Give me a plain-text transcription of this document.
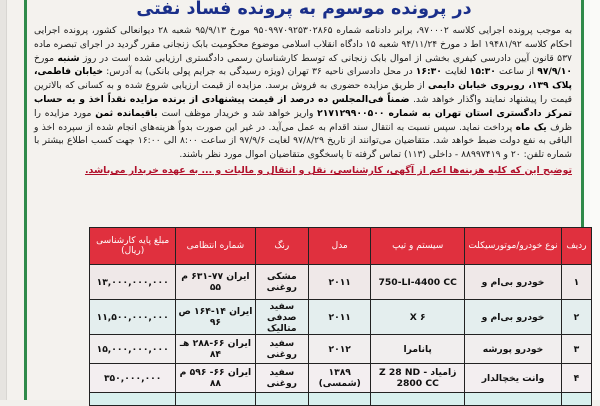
در پرونده موسوم به پرونده فساد نفتی
به موجب پرونده اجرایی کلاسه ۹۷۰۰۰۲، برابر دادنامه شماره ۹۵۰۹۹۷۰۹۲۵۳۰۲۸۶۵ مورخ ۹۵/۹/۱۳ شعبه ۲۸ دیوانعالی کشور، پرونده اجرایی احکام کلاسه ۱۹۴۸۱/۹۲ اط د مورخ ۹۴/۱۱/۲۴ شعبه ۱۵ دادگاه انقلاب اسلامی موضوع محکومیت بابک زنجانی مقرر گردید در اجرای تبصره ماده ۵۳۷ قانون آیین دادرسی کیفری بخشی از اموال بابک زنجانی که توسط کارشناسان رسمی دادگستری ارزیابی شده است در روز شنبه مورخ ۹۷/۹/۱۰ از ساعت ۱۵:۳۰ لغایت ۱۶:۳۰ در محل دادسرای ناحیه ۳۶ تهران (ویژه رسیدگی به جرایم پولی بانکی) به آدرس: خیابان فاطمی، پلاک ۱۳۹، روبروی خیابان دایمی از طریق مزایده حضوری به فروش برسد. مزایده از قیمت ارزیابی شروع شده و به کسانی که بالاترین قیمت را پیشنهاد نمایند واگذار خواهد شد. ضمناً فی‌المجلس ده درصد از قیمت پیشنهادی از برنده مزایده نقداً اخذ و به حساب تمرکز دادگستری استان تهران به شماره ۲۱۷۱۲۹۹۰۰۵۰۰ واریز خواهد شد و خریدار موظف است باقیمانده ثمن مورد مزایده را ظرف یک ماه پرداخت نماید. سپس نسبت به انتقال سند اقدام به عمل می‌آید. در غیر این صورت بدواً هزینه‌های انجام شده از سپرده اخذ و الباقی به نفع دولت ضبط خواهد شد. متقاضیان می‌توانند از تاریخ ۹۷/۸/۲۹ لغایت ۹۷/۹/۶ از ساعت ۸:۰۰ الی ۱۶:۰۰ جهت کسب اطلاع بیشتر با شماره تلفن: ۲۰ و ۸۸۹۹۷۴۱۹ - داخلی (۱۱۳) تماس گرفته تا پاسخگوی متقاضیان اموال مورد نظر باشند.
توضیح این که کلیه هزینه‌ها اعم از آگهی، کارشناسی، نقل و انتقال و مالیات و ... به عهده خریدار می‌باشد.
ردیف	نوع خودرو/موتورسیکلت	سیستم و تیپ	مدل	رنگ	شماره انتظامی	مبلغ پایه کارشناسی (ریال)
۱	خودرو بی‌ام و	750-LI-4400 CC	۲۰۱۱	مشکی روغنی	ایران ۷۷-۶۳۱ م ۵۵	۱۳,۰۰۰,۰۰۰,۰۰۰
۲	خودرو بی‌ام و	X ۶	۲۰۱۱	سفید صدفی متالیک	ایران ۱۴-۱۶۴ ص ۹۶	۱۱,۵۰۰,۰۰۰,۰۰۰
۳	خودرو پورشه	پانامرا	۲۰۱۲	سفید روغنی	ایران ۶۶-۲۸۸ هـ ۸۴	۱۵,۰۰۰,۰۰۰,۰۰۰
۴	وانت یخچالدار	زامیاد Z 28 ND - 2800 CC	۱۳۸۹ (شمسی)	سفید روغنی	ایران ۶۶- ۵۹۶ م ۸۸	۳۵۰,۰۰۰,۰۰۰
